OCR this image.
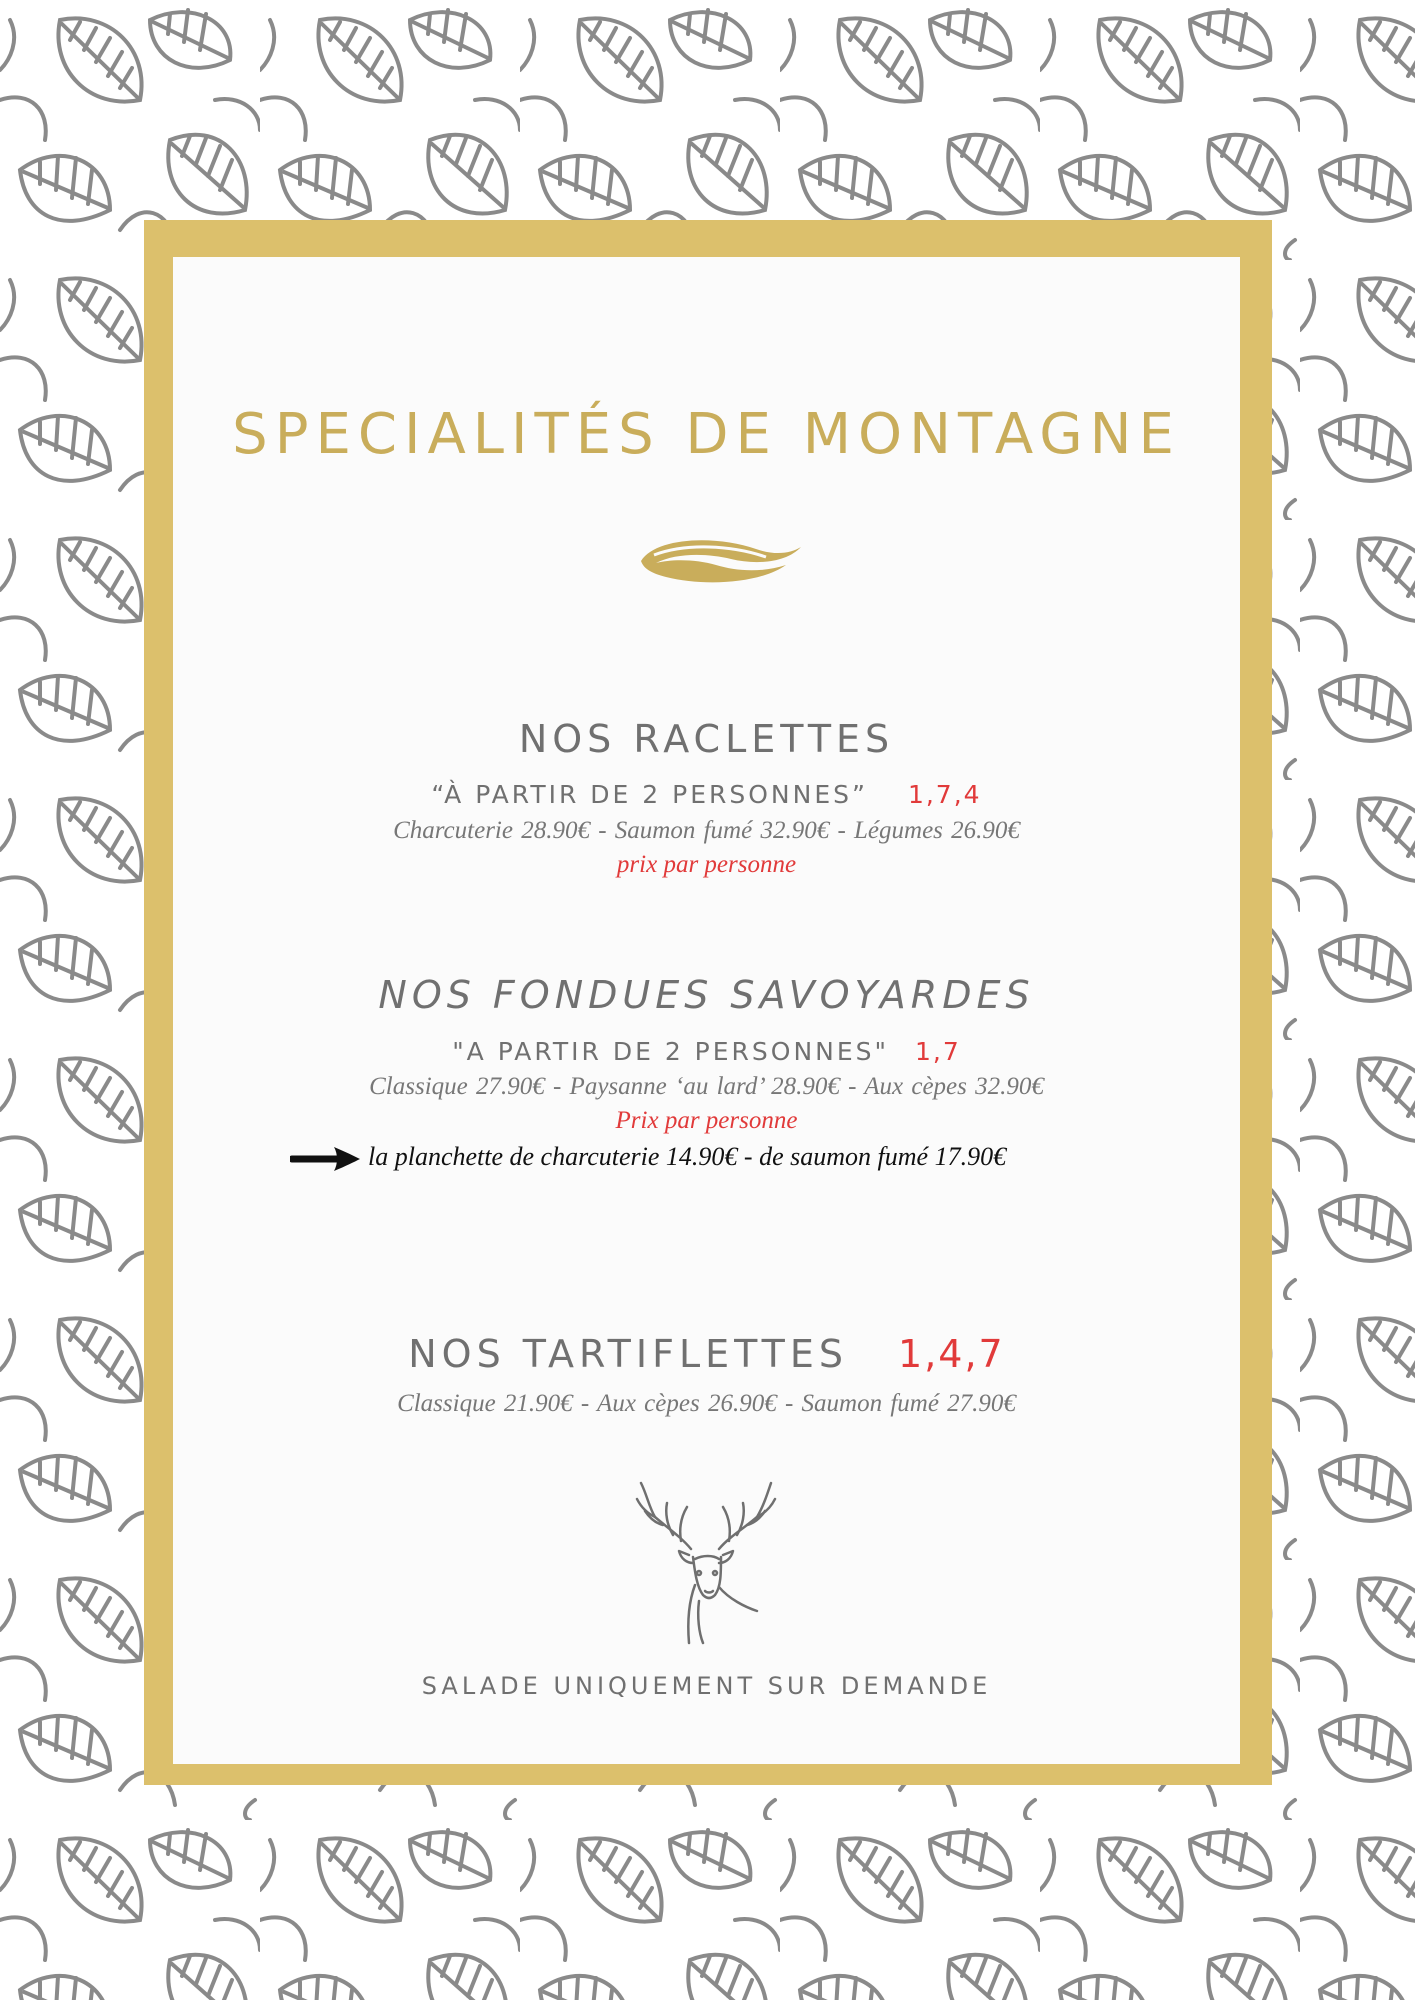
SPECIALITÉS DE MONTAGNE
NOS RACLETTES
“À PARTIR DE 2 PERSONNES” 1,7,4
Charcuterie 28.90€ - Saumon fumé 32.90€ - Légumes 26.90€
prix par personne
NOS FONDUES SAVOYARDES
"A PARTIR DE 2 PERSONNES" 1,7
Classique 27.90€ - Paysanne ‘au lard’ 28.90€ - Aux cèpes 32.90€
Prix par personne
la planchette de charcuterie 14.90€ - de saumon fumé 17.90€
NOS TARTIFLETTES 1,4,7
Classique 21.90€ - Aux cèpes 26.90€ - Saumon fumé 27.90€
SALADE UNIQUEMENT SUR DEMANDE
